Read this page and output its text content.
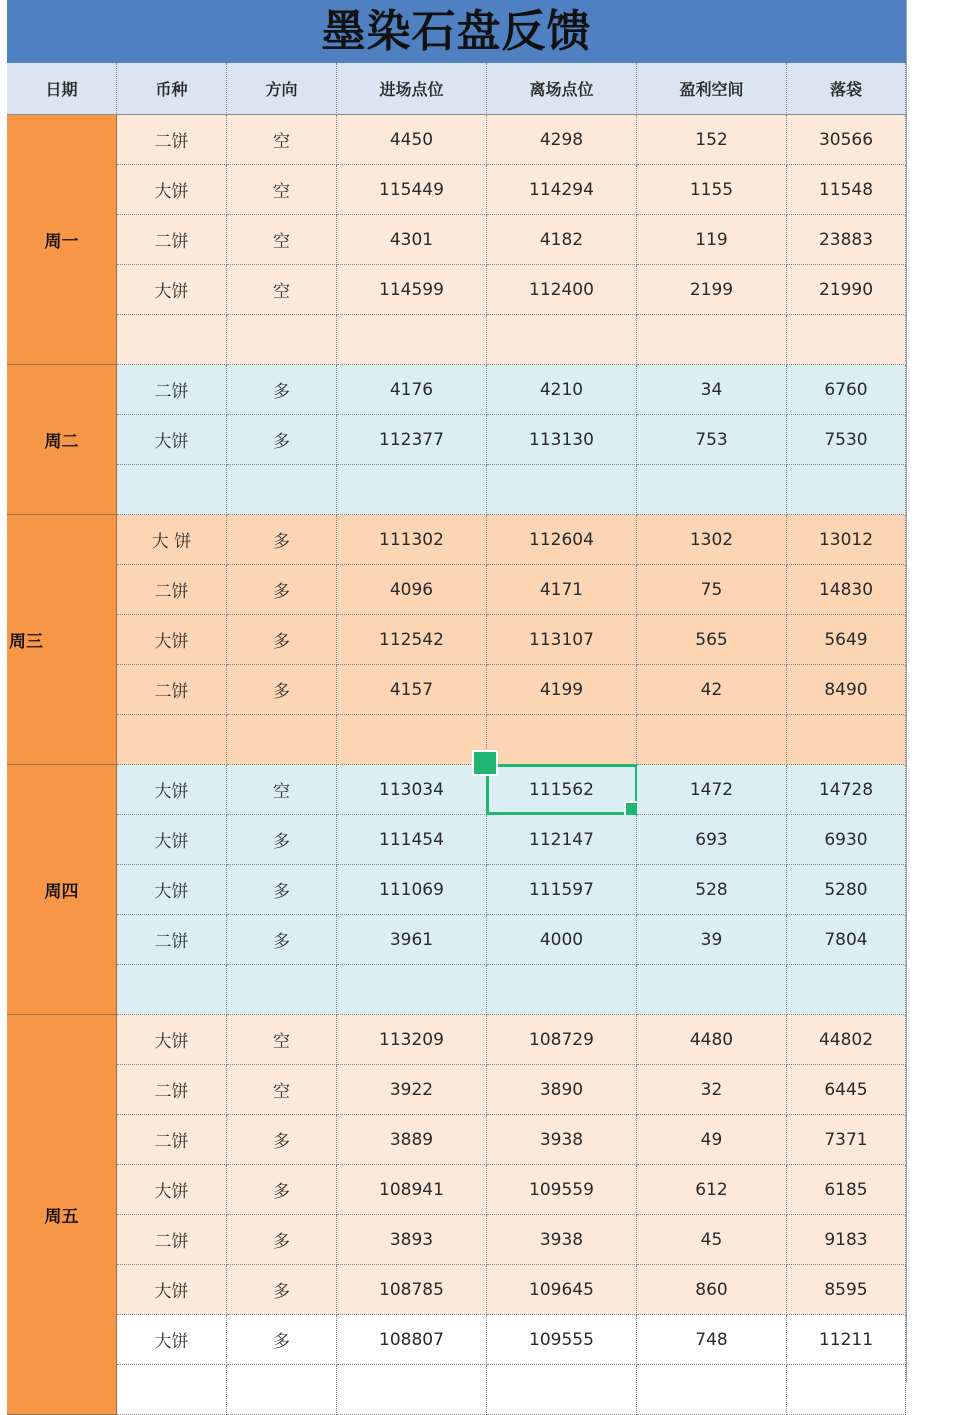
墨染石盘反馈
日期	币种	方向	进场点位	离场点位	盈利空间	落袋
周一
二饼	空	4450	4298	152	30566
大饼	空	115449	114294	1155	11548
二饼	空	4301	4182	119	23883
大饼	空	114599	112400	2199	21990
周二
二饼	多	4176	4210	34	6760
大饼	多	112377	113130	753	7530
周三
大 饼	多	111302	112604	1302	13012
二饼	多	4096	4171	75	14830
大饼	多	112542	113107	565	5649
二饼	多	4157	4199	42	8490
周四
大饼	空	113034	111562	1472	14728
大饼	多	111454	112147	693	6930
大饼	多	111069	111597	528	5280
二饼	多	3961	4000	39	7804
周五
大饼	空	113209	108729	4480	44802
二饼	空	3922	3890	32	6445
二饼	多	3889	3938	49	7371
大饼	多	108941	109559	612	6185
二饼	多	3893	3938	45	9183
大饼	多	108785	109645	860	8595
大饼	多	108807	109555	748	11211
